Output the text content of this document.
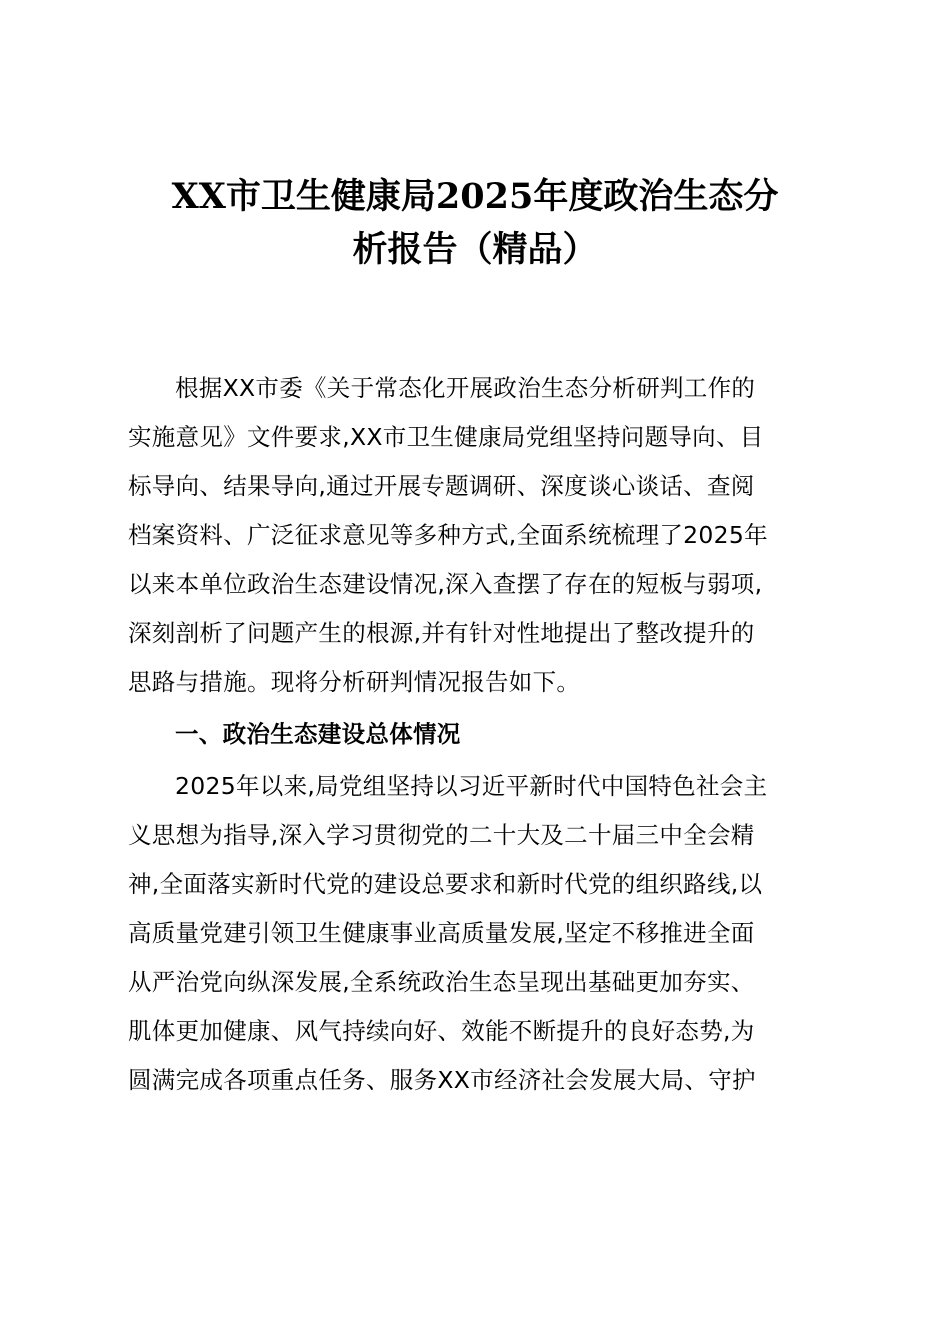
XX市卫生健康局2025年度政治生态分
析报告（精品）

根据XX市委《关于常态化开展政治生态分析研判工作的
实施意见》文件要求,XX市卫生健康局党组坚持问题导向、目
标导向、结果导向,通过开展专题调研、深度谈心谈话、查阅
档案资料、广泛征求意见等多种方式,全面系统梳理了2025年
以来本单位政治生态建设情况,深入查摆了存在的短板与弱项,
深刻剖析了问题产生的根源,并有针对性地提出了整改提升的
思路与措施。现将分析研判情况报告如下。

一、政治生态建设总体情况

2025年以来,局党组坚持以习近平新时代中国特色社会主
义思想为指导,深入学习贯彻党的二十大及二十届三中全会精
神,全面落实新时代党的建设总要求和新时代党的组织路线,以
高质量党建引领卫生健康事业高质量发展,坚定不移推进全面
从严治党向纵深发展,全系统政治生态呈现出基础更加夯实、
肌体更加健康、风气持续向好、效能不断提升的良好态势,为
圆满完成各项重点任务、服务XX市经济社会发展大局、守护
